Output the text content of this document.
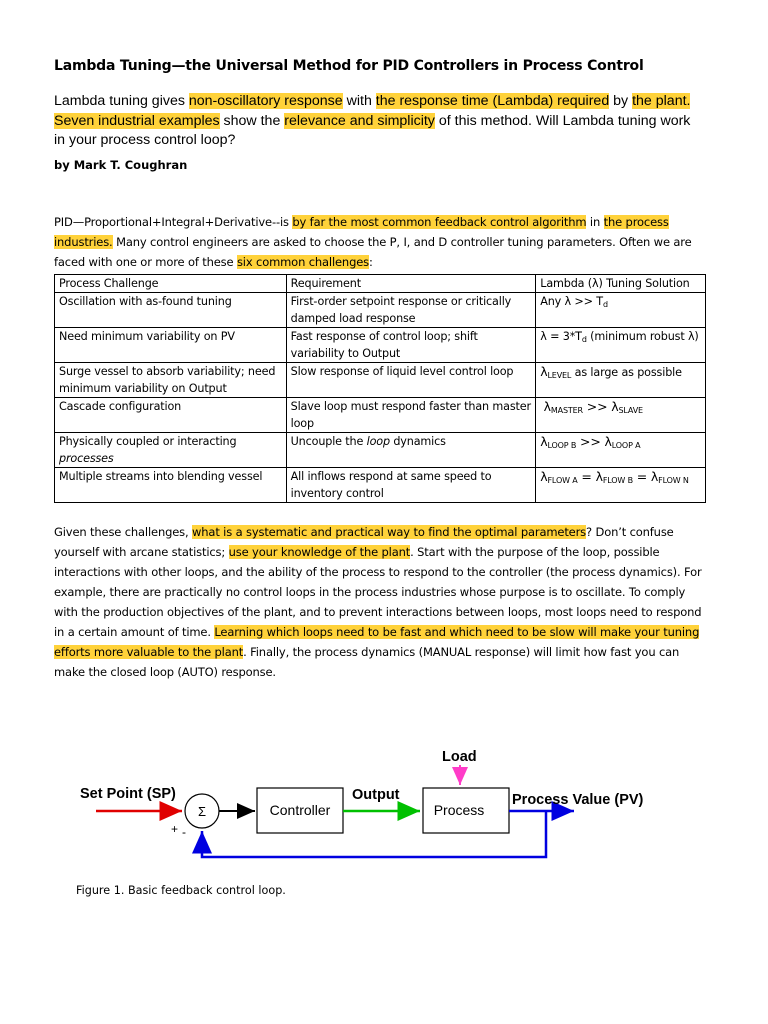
Lambda Tuning—the Universal Method for PID Controllers in Process Control
Lambda tuning gives non-oscillatory response with the response time (Lambda) required by the plant. Seven industrial examples show the relevance and simplicity of this method. Will Lambda tuning work in your process control loop?
by Mark T. Coughran
PID—Proportional+Integral+Derivative--is by far the most common feedback control algorithm in the process industries. Many control engineers are asked to choose the P, I, and D controller tuning parameters. Often we are faced with one or more of these six common challenges:
Process Challenge	Requirement	Lambda (λ) Tuning Solution
Oscillation with as-found tuning	First-order setpoint response or critically damped load response	Any $\lambda >> T_d$
Need minimum variability on PV	Fast response of control loop; shift variability to Output	$\lambda = 3*T_d$ (minimum robust λ)
Surge vessel to absorb variability; need minimum variability on Output	Slow response of liquid level control loop	$\lambda_{LEVEL}$ as large as possible
Cascade configuration	Slave loop must respond faster than master loop	$\lambda_{MASTER} >> \lambda_{SLAVE}$
Physically coupled or interacting processes	Uncouple the loop dynamics	$\lambda_{LOOP B} >> \lambda_{LOOP A}$
Multiple streams into blending vessel	All inflows respond at same speed to inventory control	$\lambda_{FLOW A} = \lambda_{FLOW B} = \lambda_{FLOW N}$
Given these challenges, what is a systematic and practical way to find the optimal parameters? Don’t confuse yourself with arcane statistics; use your knowledge of the plant. Start with the purpose of the loop, possible interactions with other loops, and the ability of the process to respond to the controller (the process dynamics). For example, there are practically no control loops in the process industries whose purpose is to oscillate. To comply with the production objectives of the plant, and to prevent interactions between loops, most loops need to respond in a certain amount of time. Learning which loops need to be fast and which need to be slow will make your tuning efforts more valuable to the plant. Finally, the process dynamics (MANUAL response) will limit how fast you can make the closed loop (AUTO) response.
Set Point (SP)
Σ
+ -
Controller
Output
Process
Load
Process Value (PV)
Figure 1. Basic feedback control loop.
